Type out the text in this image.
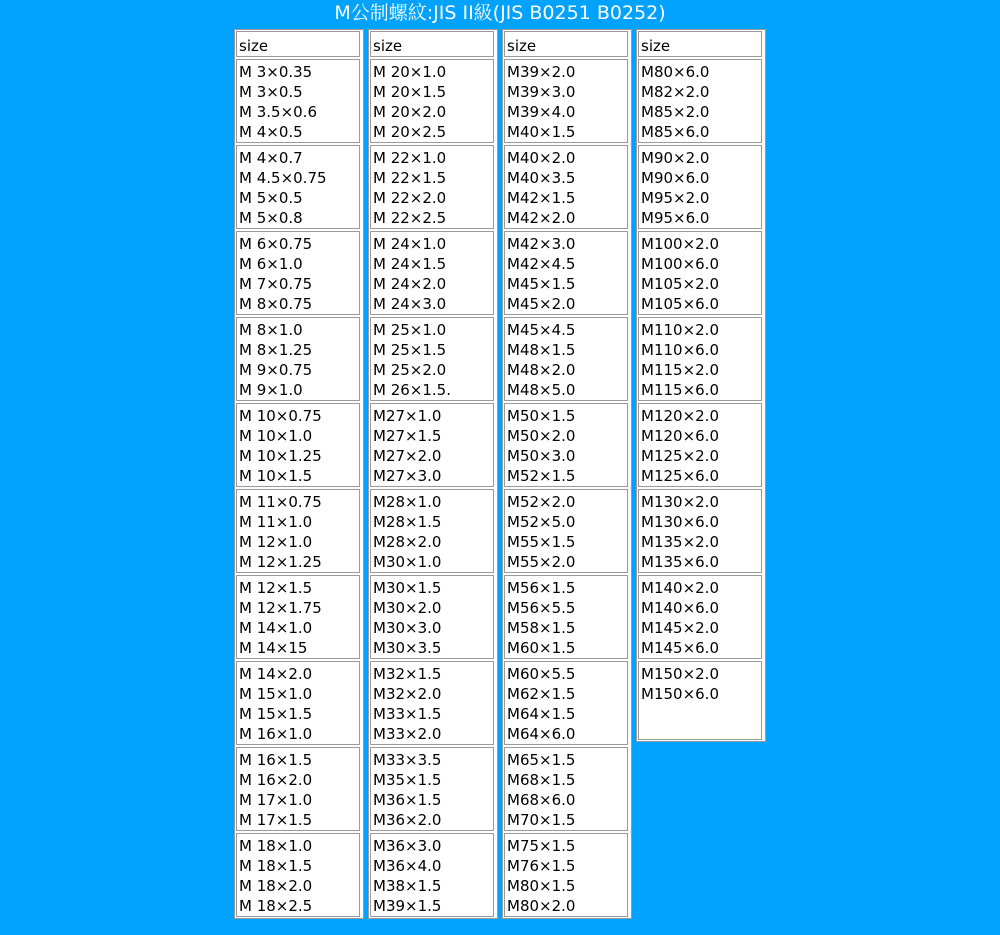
M公制螺紋:JIS II級(JIS B0251 B0252)
size
M 3×0.35
M 3×0.5
M 3.5×0.6
M 4×0.5
M 4×0.7
M 4.5×0.75
M 5×0.5
M 5×0.8
M 6×0.75
M 6×1.0
M 7×0.75
M 8×0.75
M 8×1.0
M 8×1.25
M 9×0.75
M 9×1.0
M 10×0.75
M 10×1.0
M 10×1.25
M 10×1.5
M 11×0.75
M 11×1.0
M 12×1.0
M 12×1.25
M 12×1.5
M 12×1.75
M 14×1.0
M 14×15
M 14×2.0
M 15×1.0
M 15×1.5
M 16×1.0
M 16×1.5
M 16×2.0
M 17×1.0
M 17×1.5
M 18×1.0
M 18×1.5
M 18×2.0
M 18×2.5
size
M 20×1.0
M 20×1.5
M 20×2.0
M 20×2.5
M 22×1.0
M 22×1.5
M 22×2.0
M 22×2.5
M 24×1.0
M 24×1.5
M 24×2.0
M 24×3.0
M 25×1.0
M 25×1.5
M 25×2.0
M 26×1.5.
M27×1.0
M27×1.5
M27×2.0
M27×3.0
M28×1.0
M28×1.5
M28×2.0
M30×1.0
M30×1.5
M30×2.0
M30×3.0
M30×3.5
M32×1.5
M32×2.0
M33×1.5
M33×2.0
M33×3.5
M35×1.5
M36×1.5
M36×2.0
M36×3.0
M36×4.0
M38×1.5
M39×1.5
size
M39×2.0
M39×3.0
M39×4.0
M40×1.5
M40×2.0
M40×3.5
M42×1.5
M42×2.0
M42×3.0
M42×4.5
M45×1.5
M45×2.0
M45×4.5
M48×1.5
M48×2.0
M48×5.0
M50×1.5
M50×2.0
M50×3.0
M52×1.5
M52×2.0
M52×5.0
M55×1.5
M55×2.0
M56×1.5
M56×5.5
M58×1.5
M60×1.5
M60×5.5
M62×1.5
M64×1.5
M64×6.0
M65×1.5
M68×1.5
M68×6.0
M70×1.5
M75×1.5
M76×1.5
M80×1.5
M80×2.0
size
M80×6.0
M82×2.0
M85×2.0
M85×6.0
M90×2.0
M90×6.0
M95×2.0
M95×6.0
M100×2.0
M100×6.0
M105×2.0
M105×6.0
M110×2.0
M110×6.0
M115×2.0
M115×6.0
M120×2.0
M120×6.0
M125×2.0
M125×6.0
M130×2.0
M130×6.0
M135×2.0
M135×6.0
M140×2.0
M140×6.0
M145×2.0
M145×6.0
M150×2.0
M150×6.0
